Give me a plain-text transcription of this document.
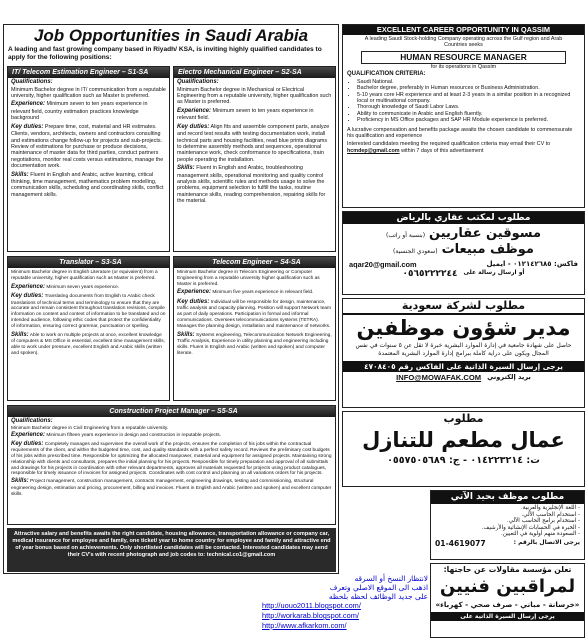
Job Opportunities in Saudi Arabia
A leading and fast growing company based in Riyadh/ KSA, is inviting highly qualified candidates to apply for the following positions:
IT/ Telecom Estimation Engineer – S1-SA
Qualifications:

Minimum Bachelor degree in IT/ communication from a reputable university, higher qualification such as Master is preferred.

Experience: Minimum seven to ten years experience in relevant field, country estimation practices knowledge background

Key duties: Prepare time, cost, material and HR estimates. Clients, vendors, architects, owners and contractors consulting and estimations change follow-up for projects and sub-projects. Review of estimations for purchase or produce decisions, maintenance of master data for third parties, conduct partners negotiations, monitor real costs versus estimations, manage the documentation work.

Skills: Fluent in English and Arabic, active learning, critical thinking, time management, mathematics problem modelling, communication skills, scheduling and coordinating skills, conflict management skills.

Electro Mechanical Engineer – S2-SA
Qualifications:

Minimum Bachelor degree in Mechanical or Electrical Engineering from a reputable university, higher qualification such as Master is preferred.

Experience: Minimum seven to ten years experience in relevant field.

Key duties: Align fits and assemble component parts, analyze and record test results with testing documentation work, install technical parts and housing facilities, read blue prints diagrams to determine assembly methods and sequences, operational maintenance work, check conformance to specifications, train people operating the installation.

Skills: Fluent in English and Arabic, troubleshooting management skills, operational monitoring and quality control analysis skills, scientific rules and methods usage to solve the problems, equipment selection to fulfill the tasks, routine maintenance skills, reading comprehension, repairing skills for the material.

Translator – S3-SA

Minimum Bachelor degree in English Literature (or equivalent) from a reputable university, higher qualification such as Master is preferred.

Experience: Minimum seven years experience.

Key duties: Translating documents from English to Arabic check translations of technical terms and terminology to ensure that they are accurate and remain consistent throughout translation revisions, compile information on content and context of information to be translated and on intended audience, following ethic codes that protect the confidentiality of information, ensuring correct grammar, punctuation or spelling.

Skills: Able to work on multiple projects at once, excellent knowledge of computers & MS Office is essential, excellent time management skills, able to work under pressure, excellent English and Arabic skills (written and spoken).

Telecom Engineer – S4-SA

Minimum Bachelor degree in Telecom Engineering or Computer Engineering from a reputable university higher qualification such as Master is preferred.

Experience: Minimum five years experience in relevant field.

Key duties: Individual will be responsible for design, maintenance, traffic analysis and capacity planning. Position will support Network team as part of daily operations. Participation in formal and informal communications. Oversees telecommunications systems (TETRA). Manages the planning design, installation and maintenance of networks.

Skills: Systems engineering, Telecommunication Network Engineering, Traffic Analysis, Experience in utility planning and engineering including skills. Fluent in English and Arabic (written and spoken) and computer literate.

Construction Project Manager – S5-SA
Qualifications:

Minimum Bachelor degree in Civil Engineering from a reputable university.

Experience: Minimum fifteen years experience in design and construction in reputable projects.

Key duties: Completely manages and supervises the overall work of the projects, ensures the completion of his jobs within the contractual requirements of the client, and within the budgeted time, cost, and quality standards with a perfect safety record. Reviews the preliminary cost budgets of his jobs within prescribed time. Responsible for optimizing the allocated manpower, material and equipment for assigned projects. Maintaining strong relationship with clients and consultants, prepares the initial planning for his projects. Responsible for timely preparation and approval of all submittals and drawings for his projects in coordination with other relevant departments, approves all materials requested for projects using product catalogues, responsible for timely issuance of invoices for assigned projects. Coordinates with cost control and planning on all variations orders for his projects.

Skills: Project management, construction management, contracts management, engineering drawings, testing and commissioning, structural engineering design, estimation and pricing, procurement, billing and invoices. Fluent in English and Arabic (written and spoken) and excellent computer skills.

Attractive salary and benefits awaits the right candidate, housing allowance, transportation allowance or company car, medical insurance for employee and family, one ticket/ year to home country for employee and family and attractive end of year bonus based on achievements. Only shortlisted candidates will be contacted. Interested candidates may send their CV's with recent photograph and job codes to: technical.co1@gmail.com
EXCELLENT CAREER OPPORTUNITY IN QASSIM
A leading Saudi Stock-holding Company operating across the Gulf region and Arab Countries seeks
HUMAN RESOURCE MANAGER
for its operations in Qassim
QUALIFICATION CRITERIA:
• Saudi National.
• Bachelor degree, preferably in Human resources or Business Administration.
• 5-10 years core HR experience and at least 2-3 years in a similar position in a recognized local or multinational company.
• Thorough knowledge of Saudi Labor Laws.
• Ability to communicate in Arabic and English fluently.
• Proficiency in MS Office packages and SAP HR Module experience is preferred.

A lucrative compensation and benefits package awaits the chosen candidate to commensurate his qualification and experience

Interested candidates meeting the required qualification criteria may email their CV to hcmdep@gmail.com within 7 days of this advertisement

مطلوب لمكتب عقاري بالرياض
مسوقين عقاريين
(بنسبة أو راتب)
موظف مبيعات
(سعودي الجنسية)
aqar20@gmail.com	فاكس: ٠١٢١٤٢٦٨٥ - ايميل
أو ارسال رسالة على
٠٥٦٥٢٢٢٢٤٤
مطلوب لشركة سعودية
مدير شؤون موظفين
حاصل على شهادة جامعية في إدارة الموارد البشرية خبرة لا تقل عن ٥ سنوات في نفس المجال ويكون على دراية كاملة ببرامج إدارة الموارد البشرية المعتمدة
يرجى إرسال السيرة الذاتية على الفاكس رقم ٤٧٠٨٤٠٥
INFO@MOWAFAK.COM بريد إلكتروني
مطلوب
عمال مطعم للتنازل
ت: ٠١٤٢٢٣٢١٤ - ج: ٠٥٥٧٥٠٥٦٨٩
مطلوب موظف بحيد الآتي
- اللغة الإنجليزية والعربية.
- استخدام الحاسب الآلي.
- استخدام برامج الحاسب الآلي.
- الخبرة في الحسابات الإنشائية والأرشيف.
- السعودة منهم أولوية في التعيين.
يرجى الاتصال بالرقم :
01-4619077
تعلن مؤسسة مقاولات عن حاجتها:
لمراقبين فنيين
«خرسانة - مباني - صرف صحي - كهرباء»
يرجى إرسال السيرة الذاتية على
لانتظار النسخ أو السرقه
اذهب الى الموقع الاصلي وتعرف
على جديد الوظائف لحظه بلحظه
http://uouo2011.blogspot.com/
http://workarab.blogspot.com/
http://www.afkarkom.com/
